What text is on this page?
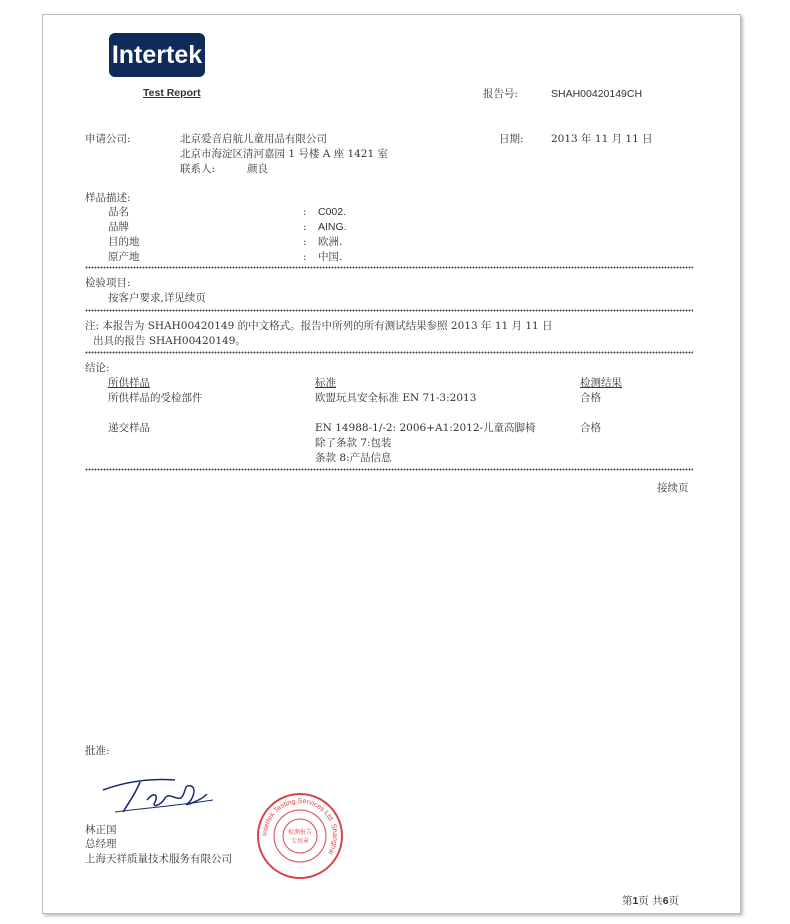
Intertek
Test Report	报告号:	SHAH00420149CH
申请公司:	北京爱音启航儿童用品有限公司
北京市海淀区清河嘉园 1 号楼 A 座 1421 室
联系人:	颜良
日期:	2013 年 11 月 11 日
样品描述:
品名	: C002.
品牌	: AING.
目的地	: 欧洲.
原产地	: 中国.
检验项目:
按客户要求,详见续页
注: 本报告为 SHAH00420149 的中文格式。报告中所列的所有测试结果参照 2013 年 11 月 11 日
出具的报告 SHAH00420149。
结论:
所供样品	标准	检测结果
所供样品的受检部件	欧盟玩具安全标准 EN 71-3:2013	合格
递交样品	EN 14988-1/-2: 2006+A1:2012-儿童高脚椅	合格
除了条款 7:包装
条款 8:产品信息
接续页
批准:
林正国
总经理
上海天祥质量技术服务有限公司
Intertek Testing Services Ltd. Shanghai
检测报告
专用章
第1页 共6页
